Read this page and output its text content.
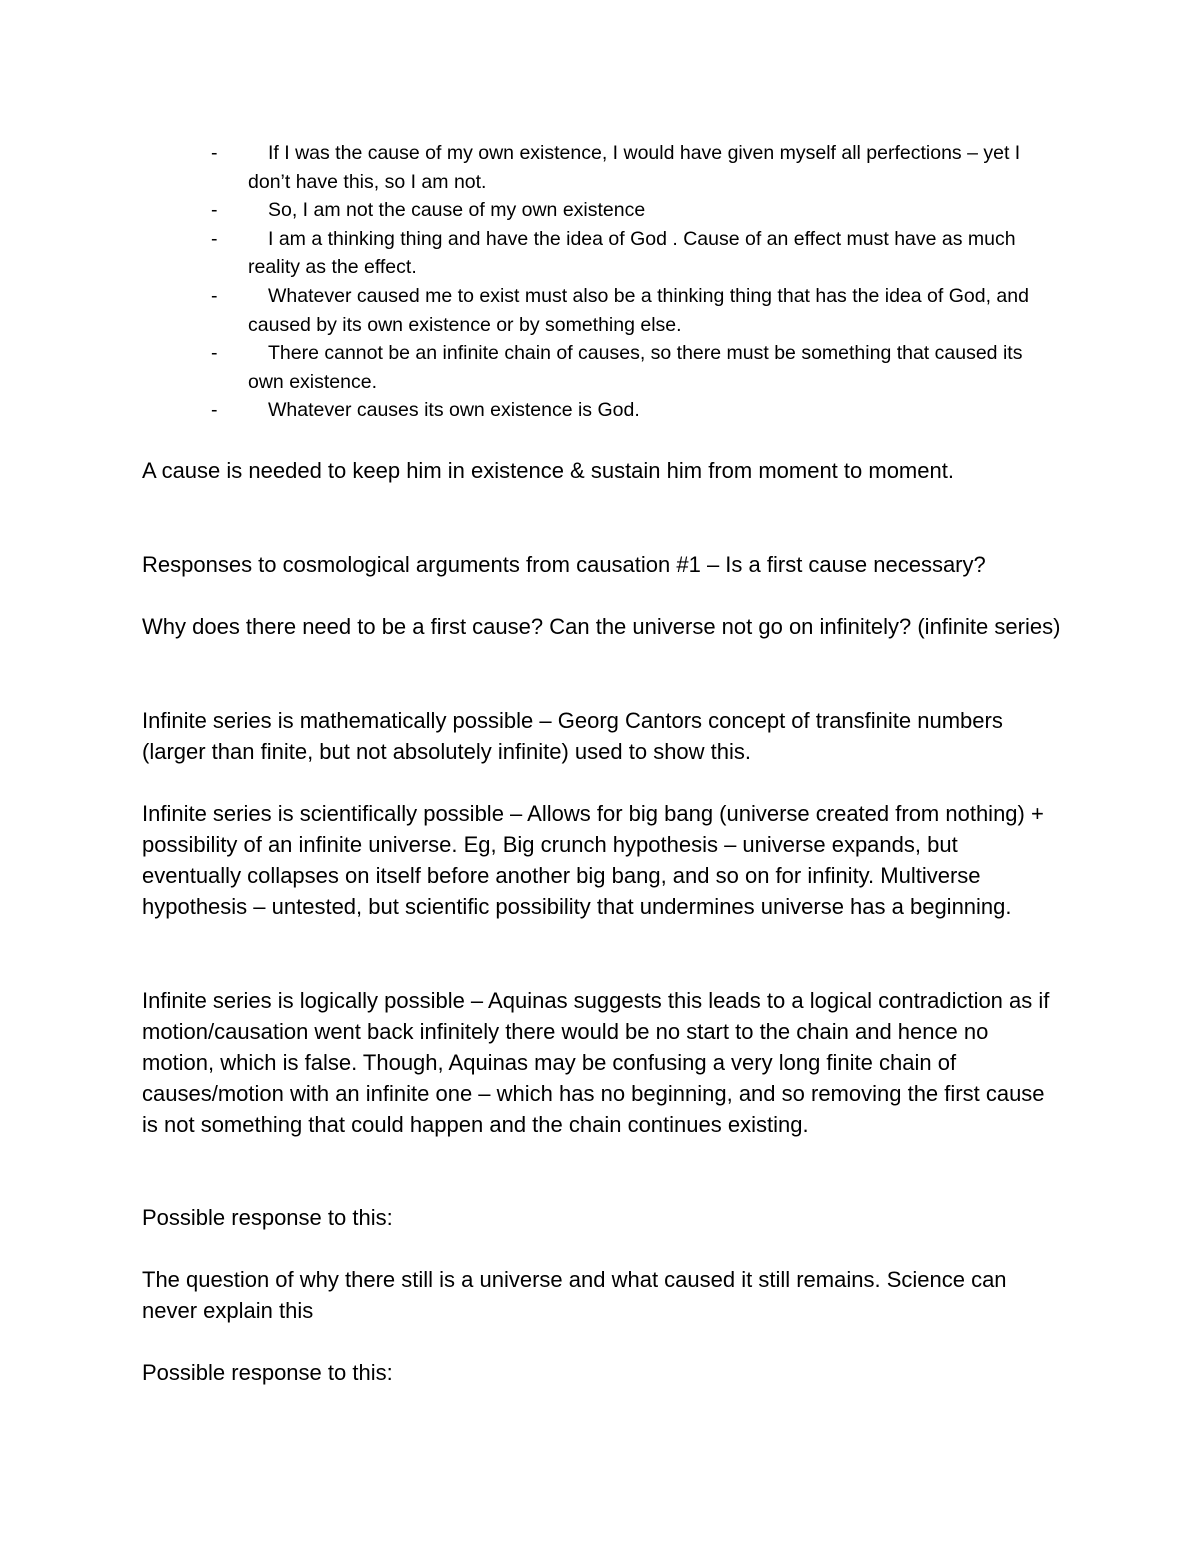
-	If I was the cause of my own existence, I would have given myself all perfections – yet I don’t have this, so I am not.
-	So, I am not the cause of my own existence
-	I am a thinking thing and have the idea of God . Cause of an effect must have as much reality as the effect.
-	Whatever caused me to exist must also be a thinking thing that has the idea of God, and caused by its own existence or by something else.
-	There cannot be an infinite chain of causes, so there must be something that caused its own existence.
-	Whatever causes its own existence is God.

A cause is needed to keep him in existence & sustain him from moment to moment.

Responses to cosmological arguments from causation #1 – Is a first cause necessary?

Why does there need to be a first cause? Can the universe not go on infinitely? (infinite series)

Infinite series is mathematically possible – Georg Cantors concept of transfinite numbers (larger than finite, but not absolutely infinite) used to show this.

Infinite series is scientifically possible – Allows for big bang (universe created from nothing) + possibility of an infinite universe. Eg, Big crunch hypothesis – universe expands, but eventually collapses on itself before another big bang, and so on for infinity. Multiverse hypothesis – untested, but scientific possibility that undermines universe has a beginning.

Infinite series is logically possible – Aquinas suggests this leads to a logical contradiction as if motion/causation went back infinitely there would be no start to the chain and hence no motion, which is false. Though, Aquinas may be confusing a very long finite chain of causes/motion with an infinite one – which has no beginning, and so removing the first cause is not something that could happen and the chain continues existing.

Possible response to this:

The question of why there still is a universe and what caused it still remains. Science can never explain this

Possible response to this:
